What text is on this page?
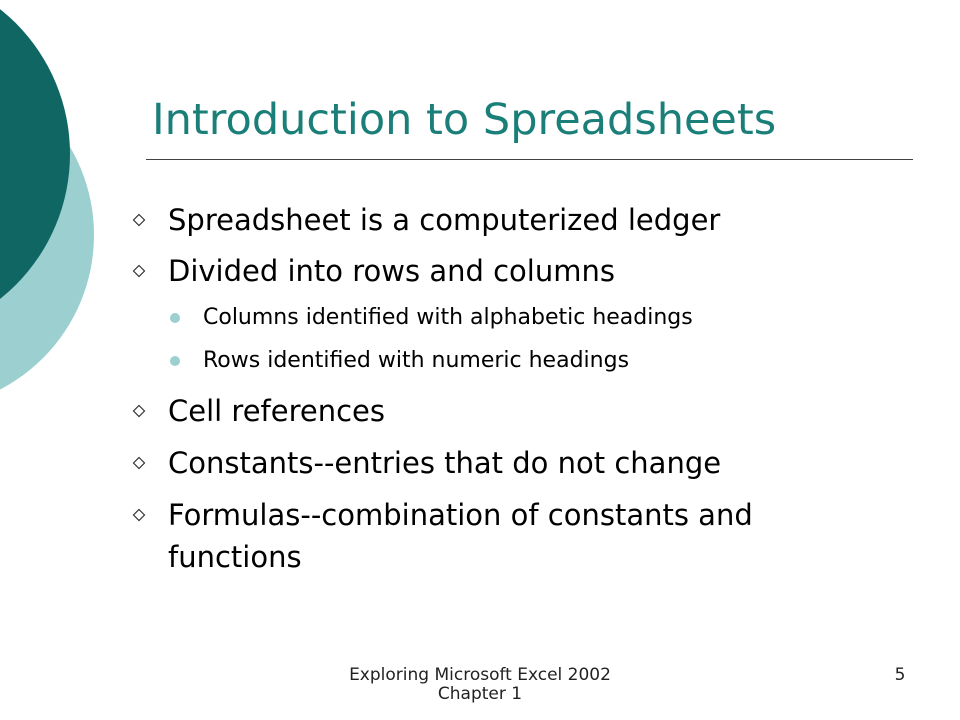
Introduction to Spreadsheets
Spreadsheet is a computerized ledger
Divided into rows and columns
Columns identified with alphabetic headings
Rows identified with numeric headings
Cell references
Constants--entries that do not change
Formulas--combination of constants and functions
Exploring Microsoft Excel 2002
Chapter 1
5
